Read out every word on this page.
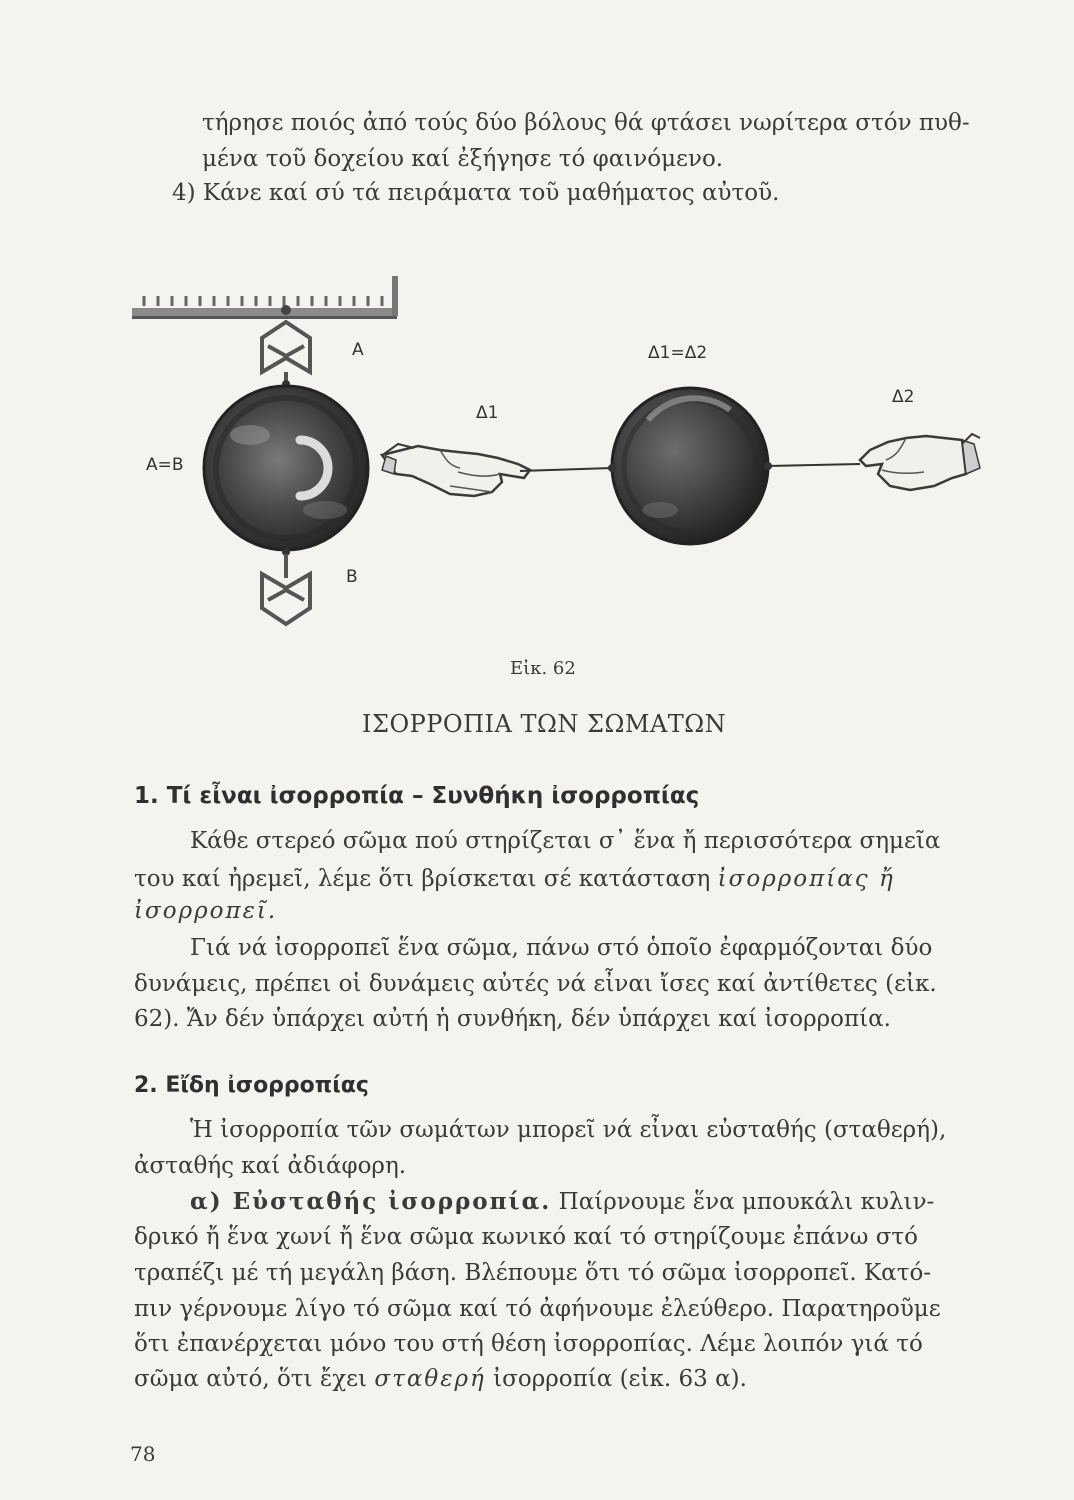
τήρησε ποιός ἀπό τούς δύο βόλους θά φτάσει νωρίτερα στόν πυθ-
μένα τοῦ δοχείου καί ἐξήγησε τό φαινόμενο.
4) Κάνε καί σύ τά πειράματα τοῦ μαθήματος αὐτοῦ.
Α
Α=Β
Β
Δ1
Δ1=Δ2
Δ2
Εἰκ. 62
ΙΣΟΡΡΟΠΙΑ ΤΩΝ ΣΩΜΑΤΩΝ
1. Τί εἶναι ἰσορροπία – Συνθήκη ἰσορροπίας
Κάθε στερεό σῶμα πού στηρίζεται σ᾽ ἕνα ἤ περισσότερα σημεῖα
του καί ἠρεμεῖ, λέμε ὅτι βρίσκεται σέ κατάσταση ἰσορροπίας ἤ
ἰσορροπεῖ.
Γιά νά ἰσορροπεῖ ἕνα σῶμα, πάνω στό ὁποῖο ἐφαρμόζονται δύο
δυνάμεις, πρέπει οἱ δυνάμεις αὐτές νά εἶναι ἴσες καί ἀντίθετες (εἰκ.
62). Ἄν δέν ὑπάρχει αὐτή ἡ συνθήκη, δέν ὑπάρχει καί ἰσορροπία.
2. Εἴδη ἰσορροπίας
Ἡ ἰσορροπία τῶν σωμάτων μπορεῖ νά εἶναι εὐσταθής (σταθερή),
ἀσταθής καί ἀδιάφορη.
α) Εὐσταθής ἰσορροπία. Παίρνουμε ἕνα μπουκάλι κυλιν-
δρικό ἤ ἕνα χωνί ἤ ἕνα σῶμα κωνικό καί τό στηρίζουμε ἐπάνω στό
τραπέζι μέ τή μεγάλη βάση. Βλέπουμε ὅτι τό σῶμα ἰσορροπεῖ. Κατό-
πιν γέρνουμε λίγο τό σῶμα καί τό ἀφήνουμε ἐλεύθερο. Παρατηροῦμε
ὅτι ἐπανέρχεται μόνο του στή θέση ἰσορροπίας. Λέμε λοιπόν γιά τό
σῶμα αὐτό, ὅτι ἔχει σταθερή ἰσορροπία (εἰκ. 63 α).
78
